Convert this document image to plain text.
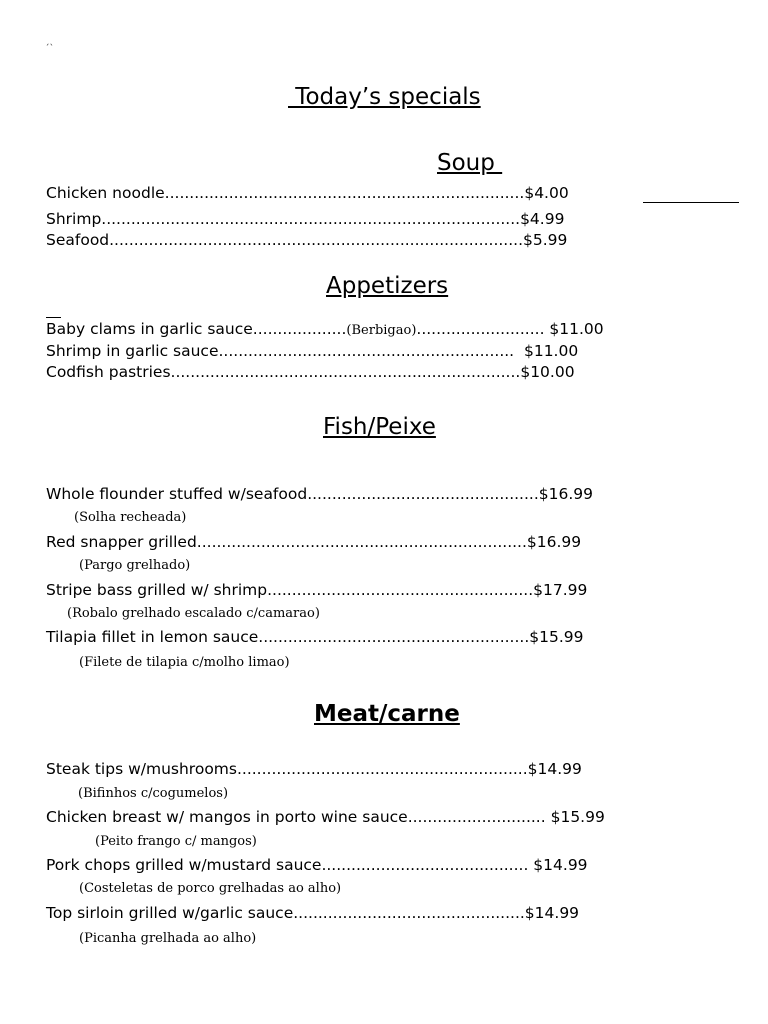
´ˋ
Today’s specials
Soup
Chicken noodle.........................................................................$4.00
Shrimp.....................................................................................$4.99
Seafood....................................................................................$5.99
Appetizers
Baby clams in garlic sauce...................(Berbigao).......................... $11.00
Shrimp in garlic sauce............................................................  $11.00
Codfish pastries.......................................................................$10.00
Fish/Peixe
Whole flounder stuffed w/seafood...............................................$16.99
(Solha recheada)
Red snapper grilled...................................................................$16.99
(Pargo grelhado)
Stripe bass grilled w/ shrimp......................................................$17.99
(Robalo grelhado escalado c/camarao)
Tilapia fillet in lemon sauce.......................................................$15.99
(Filete de tilapia c/molho limao)
Meat/carne
Steak tips w/mushrooms...........................................................$14.99
(Bifinhos c/cogumelos)
Chicken breast w/ mangos in porto wine sauce............................ $15.99
(Peito frango c/ mangos)
Pork chops grilled w/mustard sauce.......................................... $14.99
(Costeletas de porco grelhadas ao alho)
Top sirloin grilled w/garlic sauce...............................................$14.99
(Picanha grelhada ao alho)
